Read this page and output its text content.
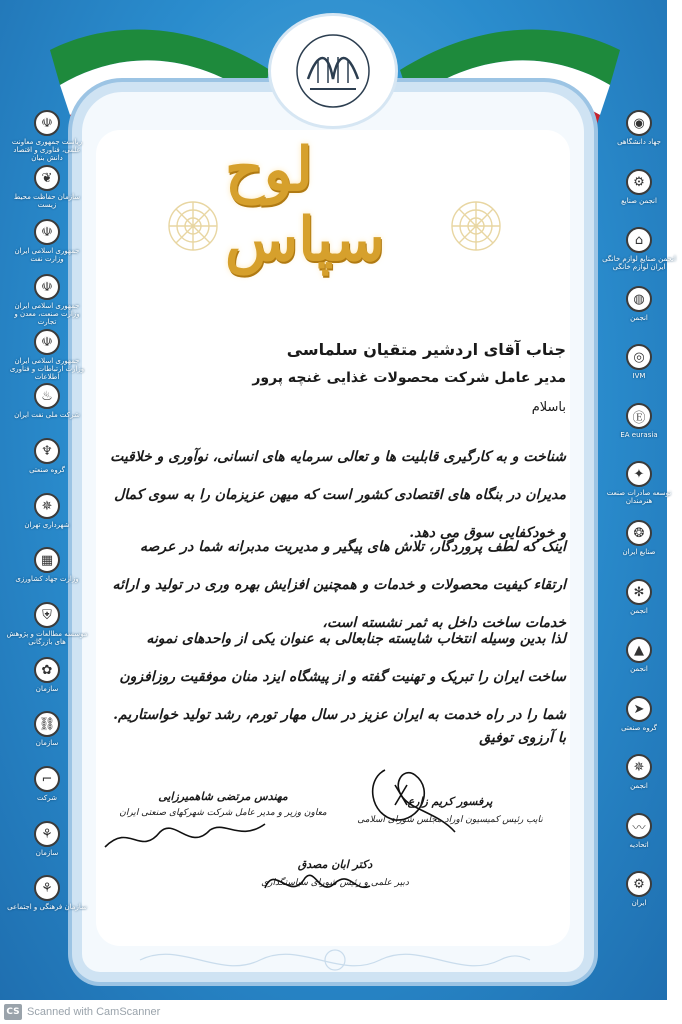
لوح سپاس
☫
ریاست جمهوری معاونت علمی، فناوری و اقتصاد دانش بنیان
❦
سازمان حفاظت محیط زیست
☫
جمهوری اسلامی ایران وزارت نفت
☫
جمهوری اسلامی ایران وزارت صنعت، معدن و تجارت
☫
جمهوری اسلامی ایران وزارت ارتباطات و فناوری اطلاعات
♨
شرکت ملی نفت ایران
♆
گروه صنعتی
✵
شهرداری تهران
▦
وزارت جهاد کشاورزی
⛨
موسسه مطالعات و پژوهش های بازرگانی
✿
سازمان
⛓
سازمان
⌐
شرکت
⚘
سازمان
⚘
سازمان فرهنگی و اجتماعی
◉
جهاد دانشگاهی
⚙
انجمن صنایع
⌂
انجمن صنایع لوازم خانگی ایران لوازم خانگی
◍
انجمن
◎
IVM
Ⓔ
EA eurasia
✦
توسعه صادرات صنعت هنرمندان
❂
صنایع ایران
✻
انجمن
▲
انجمن
➤
گروه صنعتی
✵
انجمن
〰
اتحادیه
⚙
ایران
جناب آقای اردشیر متقیان سلماسی
مدیر عامل شرکت محصولات غذایی غنچه پرور
باسلام
شناخت و به کارگیری قابلیت ها و تعالی سرمایه های انسانی، نوآوری و خلاقیت مدیران در بنگاه های اقتصادی کشور است که میهن عزیزمان را به سوی کمال و خودکفایی سوق می دهد.
اینک که لطف پروردگار، تلاش های پیگیر و مدیریت مدبرانه شما در عرصه ارتقاء کیفیت محصولات و خدمات و همچنین افزایش بهره وری در تولید و ارائه خدمات ساخت داخل به ثمر نشسته است،
لذا بدین وسیله انتخاب شایسته جنابعالی به عنوان یکی از واحدهای نمونه ساخت ایران را تبریک و تهنیت گفته و از پیشگاه ایزد منان موفقیت روزافزون شما را در راه خدمت به ایران عزیز در سال مهار تورم، رشد تولید خواستاریم.
با آرزوی توفیق
مهندس مرتضی شاهمیرزایی
معاون وزیر و مدیر عامل شرکت شهرکهای صنعتی ایران
پرفسور کریم زارع
نایب رئیس کمیسیون اوراد مجلس شورای اسلامی
دکتر ابان مصدق
دبیر علمی و رئیس شورای سیاستگذاری
CS Scanned with CamScanner
